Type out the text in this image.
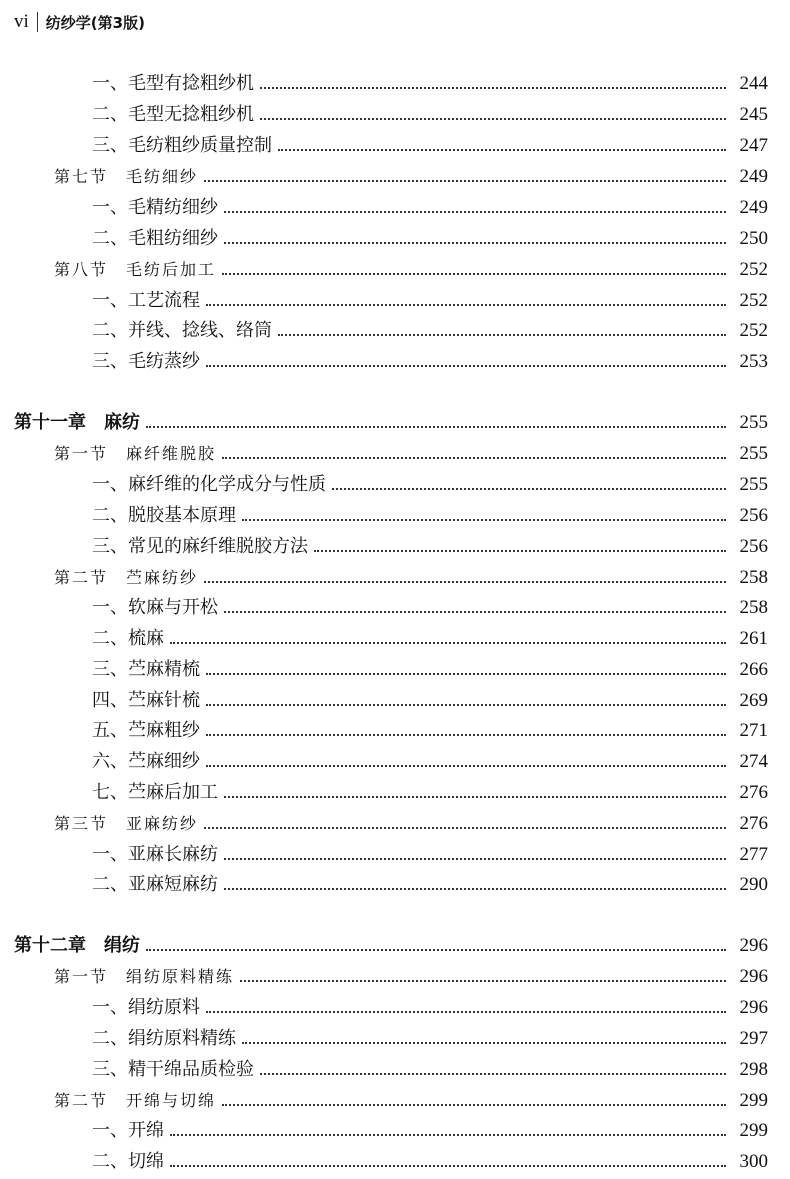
vi	纺纱学(第3版)
一、毛型有捻粗纱机	244
二、毛型无捻粗纱机	245
三、毛纺粗纱质量控制	247
第七节　毛纺细纱	249
一、毛精纺细纱	249
二、毛粗纺细纱	250
第八节　毛纺后加工	252
一、工艺流程	252
二、并线、捻线、络筒	252
三、毛纺蒸纱	253
第十一章　麻纺	255
第一节　麻纤维脱胶	255
一、麻纤维的化学成分与性质	255
二、脱胶基本原理	256
三、常见的麻纤维脱胶方法	256
第二节　苎麻纺纱	258
一、软麻与开松	258
二、梳麻	261
三、苎麻精梳	266
四、苎麻针梳	269
五、苎麻粗纱	271
六、苎麻细纱	274
七、苎麻后加工	276
第三节　亚麻纺纱	276
一、亚麻长麻纺	277
二、亚麻短麻纺	290
第十二章　绢纺	296
第一节　绢纺原料精练	296
一、绢纺原料	296
二、绢纺原料精练	297
三、精干绵品质检验	298
第二节　开绵与切绵	299
一、开绵	299
二、切绵	300
